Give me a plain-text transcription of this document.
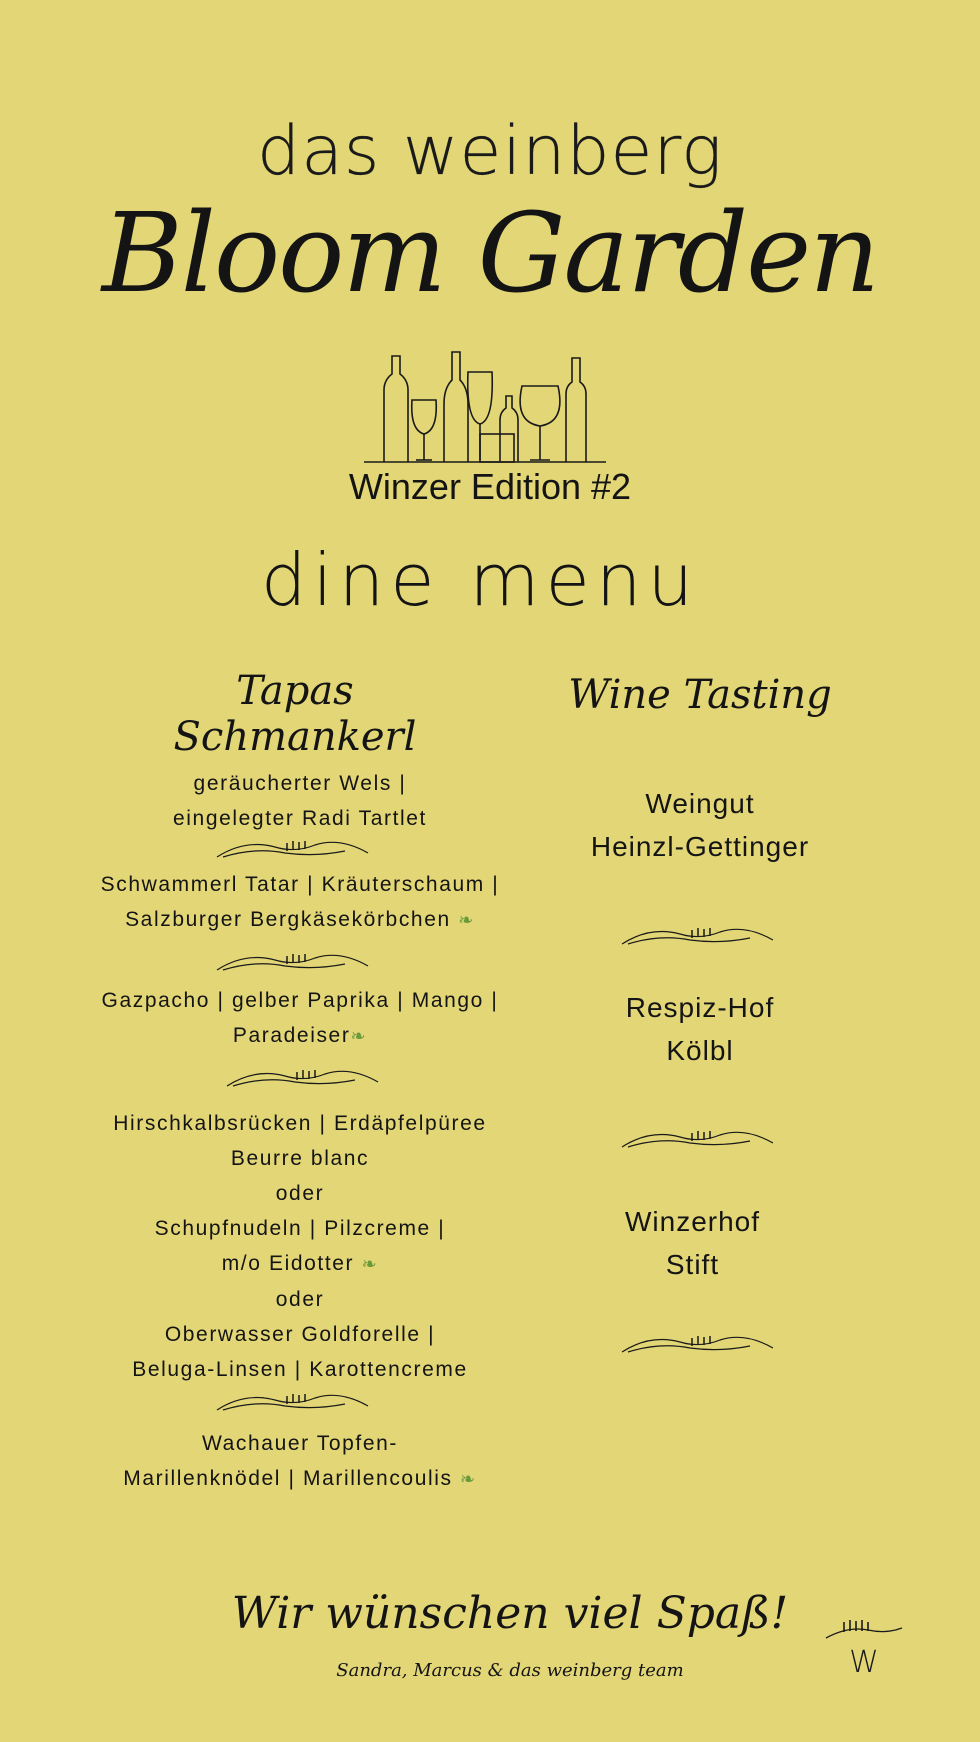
das weinberg
Bloom Garden
Winzer Edition #2
dine menu
Tapas Schmankerl
Wine Tasting
geräucherter Wels |
eingelegter Radi Tartlet
Schwammerl Tatar | Kräuterschaum |
Salzburger Bergkäsekörbchen ❧
Gazpacho | gelber Paprika | Mango |
Paradeiser❧
Hirschkalbsrücken | Erdäpfelpüree
Beurre blanc
oder
Schupfnudeln | Pilzcreme |
m/o Eidotter ❧
oder
Oberwasser Goldforelle |
Beluga-Linsen | Karottencreme
Wachauer Topfen-
Marillenknödel | Marillencoulis ❧
Weingut
Heinzl-Gettinger
Respiz-Hof
Kölbl
Winzerhof
Stift
Wir wünschen viel Spaß!
Sandra, Marcus & das weinberg team	W
